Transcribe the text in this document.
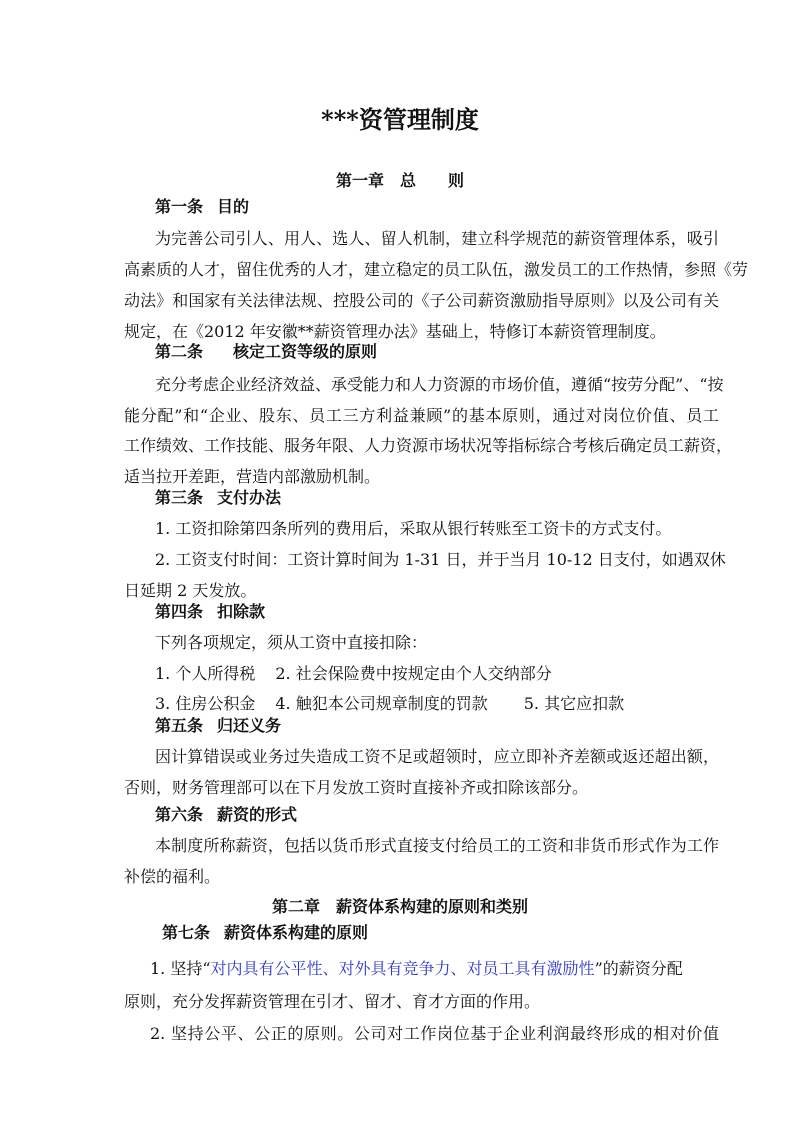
***资管理制度
第一章 总 则
第一条 目的
为完善公司引人、用人、选人、留人机制，建立科学规范的薪资管理体系，吸引
高素质的人才，留住优秀的人才，建立稳定的员工队伍，激发员工的工作热情，参照《劳
动法》和国家有关法律法规、控股公司的《子公司薪资激励指导原则》以及公司有关
规定，在《2012 年安徽**薪资管理办法》基础上，特修订本薪资管理制度。
第二条 核定工资等级的原则
充分考虑企业经济效益、承受能力和人力资源的市场价值，遵循“按劳分配”、“按
能分配”和“企业、股东、员工三方利益兼顾”的基本原则，通过对岗位价值、员工
工作绩效、工作技能、服务年限、人力资源市场状况等指标综合考核后确定员工薪资，
适当拉开差距，营造内部激励机制。
第三条 支付办法
1. 工资扣除第四条所列的费用后，采取从银行转账至工资卡的方式支付。
2. 工资支付时间：工资计算时间为 1-31 日，并于当月 10-12 日支付，如遇双休
日延期 2 天发放。
第四条 扣除款
下列各项规定，须从工资中直接扣除：
1. 个人所得税 2. 社会保险费中按规定由个人交纳部分
3. 住房公积金 4. 触犯本公司规章制度的罚款 5. 其它应扣款
第五条 归还义务
因计算错误或业务过失造成工资不足或超领时，应立即补齐差额或返还超出额，
否则，财务管理部可以在下月发放工资时直接补齐或扣除该部分。
第六条 薪资的形式
本制度所称薪资，包括以货币形式直接支付给员工的工资和非货币形式作为工作
补偿的福利。
第二章 薪资体系构建的原则和类别
第七条 薪资体系构建的原则
1. 坚持“对内具有公平性、对外具有竞争力、对员工具有激励性”的薪资分配
原则，充分发挥薪资管理在引才、留才、育才方面的作用。
2. 坚持公平、公正的原则。公司对工作岗位基于企业利润最终形成的相对价值
